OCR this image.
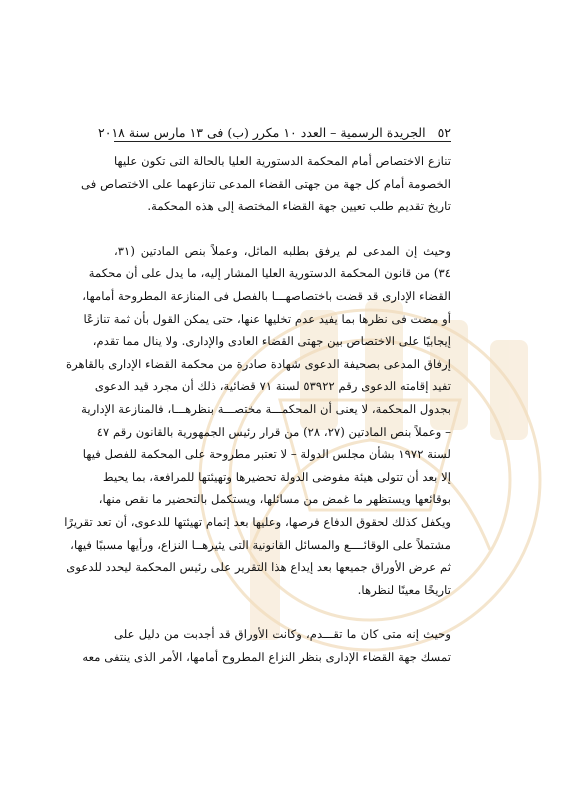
٥٢
الجريدة الرسمية – العدد ١٠ مكرر (ب) فى ١٣ مارس سنة ٢٠١٨

تنازع الاختصاص أمام المحكمة الدستورية العليا بالحالة التى تكون عليها
الخصومة أمام كل جهة من جهتى القضاء المدعى تنازعهما على الاختصاص فى
تاريخ تقديم طلب تعيين جهة القضاء المختصة إلى هذه المحكمة.

وحيث إن المدعى لم يرفق بطلبه الماثل، وعملاً بنص المادتين (٣١،
٣٤) من قانون المحكمة الدستورية العليا المشار إليه، ما يدل على أن محكمة
القضاء الإدارى قد قضت باختصاصهـــا بالفصل فى المنازعة المطروحة أمامها،
أو مضت فى نظرها بما يفيد عدم تخليها عنها، حتى يمكن القول بأن ثمة تنازعًا
إيجابيًا على الاختصاص بين جهتى القضاء العادى والإدارى. ولا ينال مما تقدم،
إرفاق المدعى بصحيفة الدعوى شهادة صادرة من محكمة القضاء الإدارى بالقاهرة
تفيد إقامته الدعوى رقم ٥٣٩٢٢ لسنة ٧١ قضائية، ذلك أن مجرد قيد الدعوى
بجدول المحكمة، لا يعنى أن المحكمـــة مختصـــة بنظرهـــا، فالمنازعة الإدارية
– وعملاً بنص المادتين (٢٧، ٢٨) من قرار رئيس الجمهورية بالقانون رقم ٤٧
لسنة ١٩٧٢ بشأن مجلس الدولة – لا تعتبر مطروحة على المحكمة للفصل فيها
إلا بعد أن تتولى هيئة مفوضى الدولة تحضيرها وتهيئتها للمرافعة، بما يحيط
بوقائعها ويستظهر ما غمض من مسائلها، ويستكمل بالتحضير ما نقص منها،
ويكفل كذلك لحقوق الدفاع فرصها، وعليها بعد إتمام تهيئتها للدعوى، أن تعد تقريرًا
مشتملاً على الوقائــــع والمسائل القانونية التى يثيرهــا النزاع، ورأيها مسببًا فيها،
ثم عرض الأوراق جميعها بعد إيداع هذا التقرير على رئيس المحكمة ليحدد للدعوى
تاريخًا معينًا لنظرها.

وحيث إنه متى كان ما تقـــدم، وكانت الأوراق قد أجدبت من دليل على
تمسك جهة القضاء الإدارى بنظر النزاع المطروح أمامها، الأمر الذى ينتفى معه
